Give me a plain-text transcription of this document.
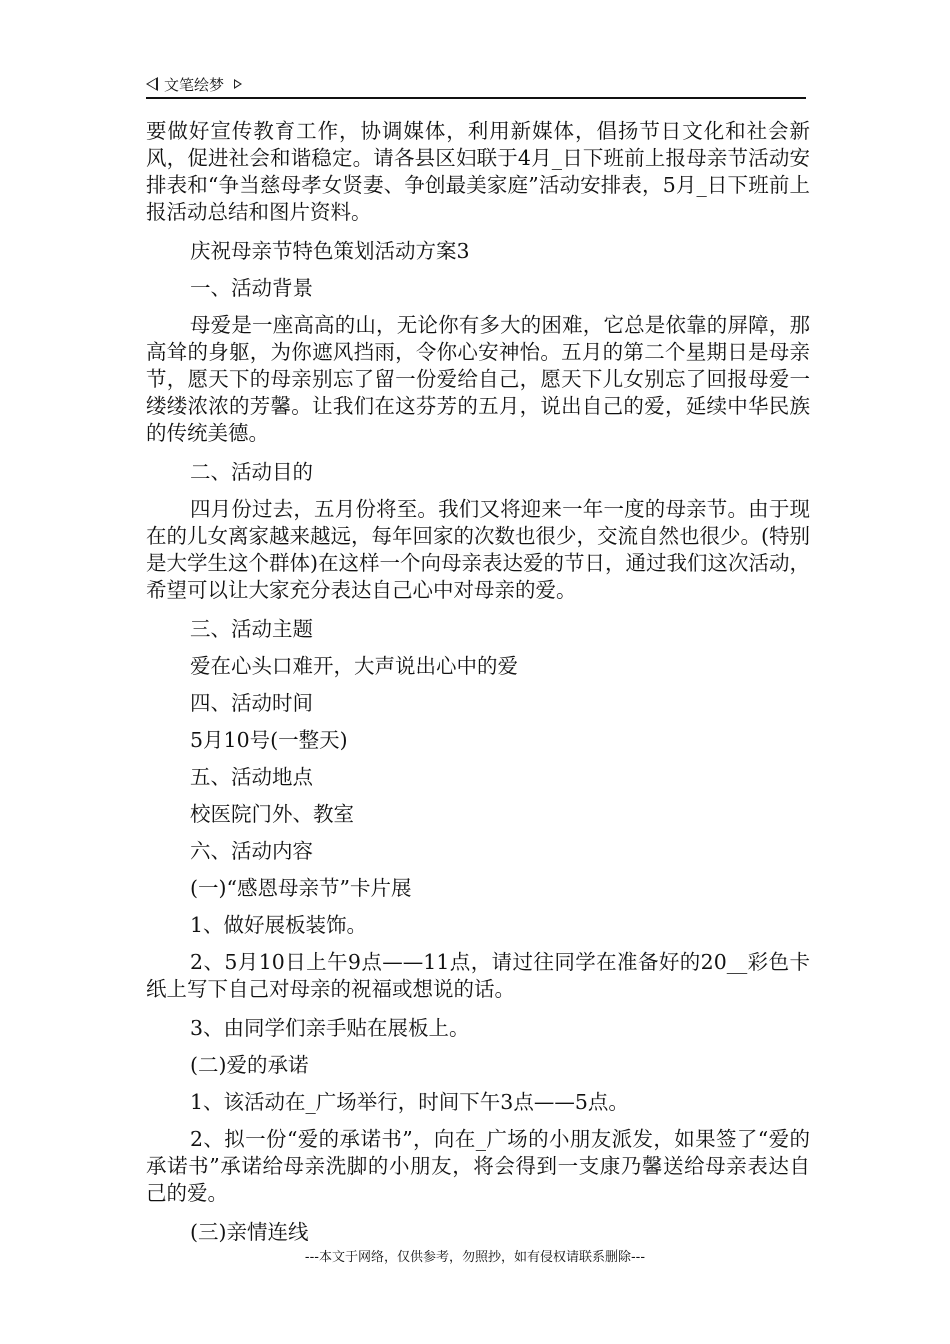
文笔绘梦

要做好宣传教育工作，协调媒体，利用新媒体，倡扬节日文化和社会新风，促进社会和谐稳定。请各县区妇联于4月_日下班前上报母亲节活动安排表和“争当慈母孝女贤妻、争创最美家庭”活动安排表，5月_日下班前上报活动总结和图片资料。

庆祝母亲节特色策划活动方案3

一、活动背景

母爱是一座高高的山，无论你有多大的困难，它总是依靠的屏障，那高耸的身躯，为你遮风挡雨，令你心安神怡。五月的第二个星期日是母亲节，愿天下的母亲别忘了留一份爱给自己，愿天下儿女别忘了回报母爱一缕缕浓浓的芳馨。让我们在这芬芳的五月，说出自己的爱，延续中华民族的传统美德。

二、活动目的

四月份过去，五月份将至。我们又将迎来一年一度的母亲节。由于现在的儿女离家越来越远，每年回家的次数也很少，交流自然也很少。(特别是大学生这个群体)在这样一个向母亲表达爱的节日，通过我们这次活动，希望可以让大家充分表达自己心中对母亲的爱。

三、活动主题

爱在心头口难开，大声说出心中的爱

四、活动时间

5月10号(一整天)

五、活动地点

校医院门外、教室

六、活动内容

(一)“感恩母亲节”卡片展

1、做好展板装饰。

2、5月10日上午9点——11点，请过往同学在准备好的20__彩色卡纸上写下自己对母亲的祝福或想说的话。

3、由同学们亲手贴在展板上。

(二)爱的承诺

1、该活动在_广场举行，时间下午3点——5点。

2、拟一份“爱的承诺书”，向在_广场的小朋友派发，如果签了“爱的承诺书”承诺给母亲洗脚的小朋友，将会得到一支康乃馨送给母亲表达自己的爱。

(三)亲情连线

---本文于网络，仅供参考，勿照抄，如有侵权请联系删除---
